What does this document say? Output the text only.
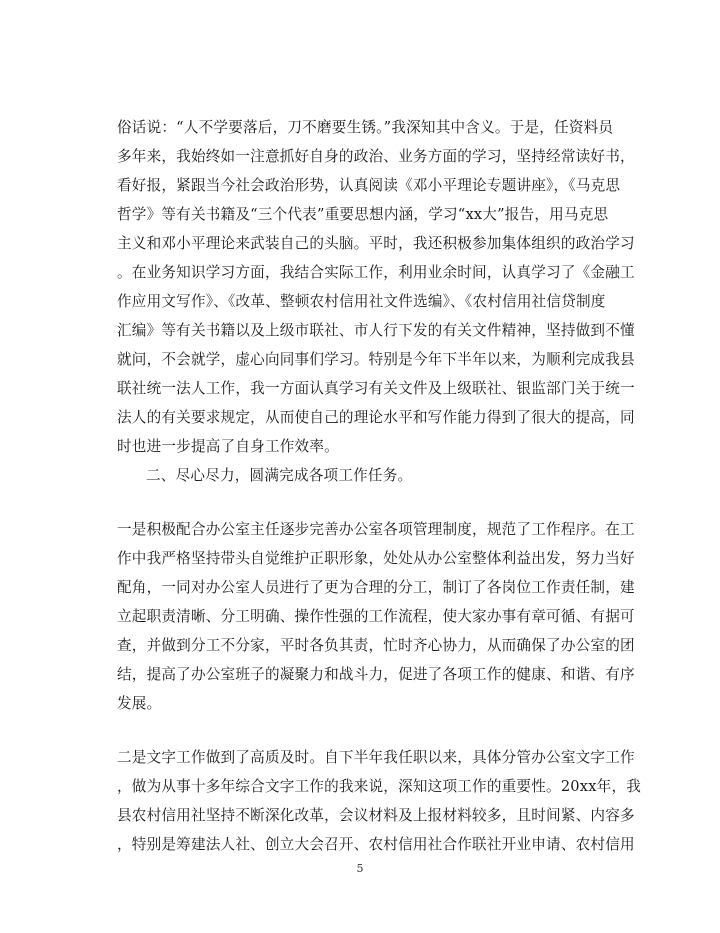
俗话说：“人不学要落后，刀不磨要生锈。”我深知其中含义。于是，任资料员
多年来，我始终如一注意抓好自身的政治、业务方面的学习，坚持经常读好书，
看好报，紧跟当今社会政治形势，认真阅读《邓小平理论专题讲座》，《马克思
哲学》等有关书籍及“三个代表”重要思想内涵，学习“xx大”报告，用马克思
主义和邓小平理论来武装自己的头脑。平时，我还积极参加集体组织的政治学习
。在业务知识学习方面，我结合实际工作，利用业余时间，认真学习了《金融工
作应用文写作》、《改革、整顿农村信用社文件选编》、《农村信用社信贷制度
汇编》等有关书籍以及上级市联社、市人行下发的有关文件精神，坚持做到不懂
就问，不会就学，虚心向同事们学习。特别是今年下半年以来，为顺利完成我县
联社统一法人工作，我一方面认真学习有关文件及上级联社、银监部门关于统一
法人的有关要求规定，从而使自己的理论水平和写作能力得到了很大的提高，同
时也进一步提高了自身工作效率。
二、尽心尽力，圆满完成各项工作任务。
一是积极配合办公室主任逐步完善办公室各项管理制度，规范了工作程序。在工
作中我严格坚持带头自觉维护正职形象，处处从办公室整体利益出发，努力当好
配角，一同对办公室人员进行了更为合理的分工，制订了各岗位工作责任制，建
立起职责清晰、分工明确、操作性强的工作流程，使大家办事有章可循、有据可
查，并做到分工不分家，平时各负其责，忙时齐心协力，从而确保了办公室的团
结，提高了办公室班子的凝聚力和战斗力，促进了各项工作的健康、和谐、有序
发展。
二是文字工作做到了高质及时。自下半年我任职以来，具体分管办公室文字工作
，做为从事十多年综合文字工作的我来说，深知这项工作的重要性。20xx年，我
县农村信用社坚持不断深化改革，会议材料及上报材料较多，且时间紧、内容多
，特别是筹建法人社、创立大会召开、农村信用社合作联社开业申请、农村信用
5
